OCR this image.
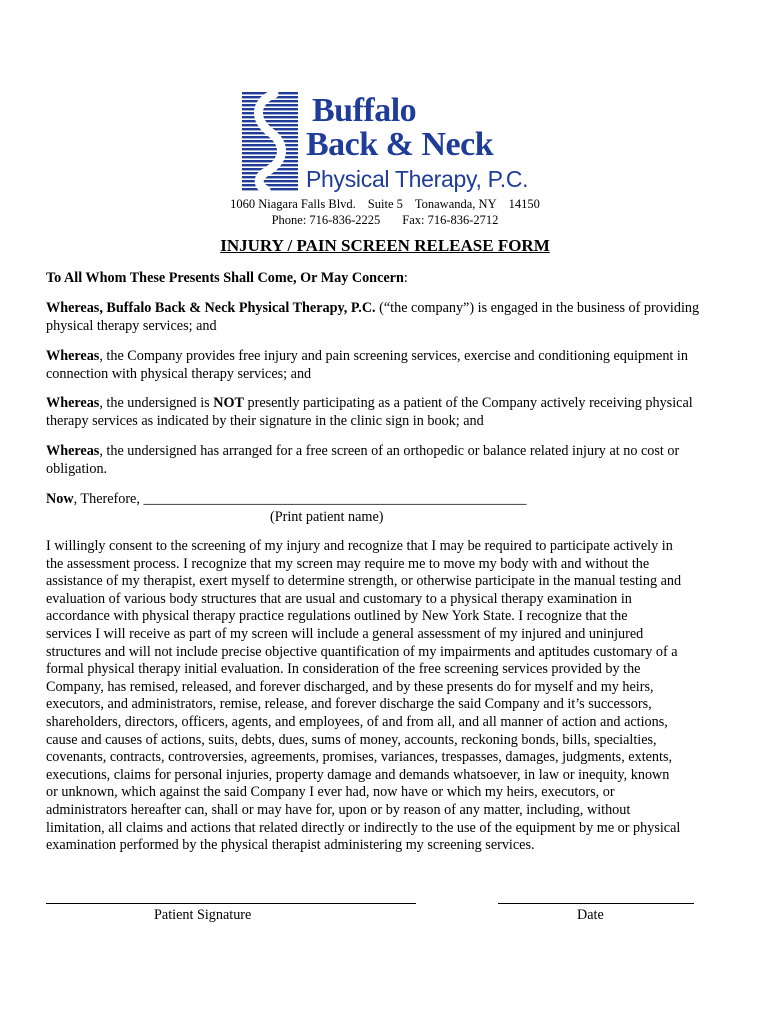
Buffalo
Back & Neck
Physical Therapy, P.C.
1060 Niagara Falls Blvd. Suite 5 Tonawanda, NY 14150
Phone: 716-836-2225 Fax: 716-836-2712
INJURY / PAIN SCREEN RELEASE FORM
To All Whom These Presents Shall Come, Or May Concern:
Whereas, Buffalo Back & Neck Physical Therapy, P.C. (“the company”) is engaged in the business of providing physical therapy services; and
Whereas, the Company provides free injury and pain screening services, exercise and conditioning equipment in connection with physical therapy services; and
Whereas, the undersigned is NOT presently participating as a patient of the Company actively receiving physical therapy services as indicated by their signature in the clinic sign in book; and
Whereas, the undersigned has arranged for a free screen of an orthopedic or balance related injury at no cost or obligation.
Now, Therefore, ______________________________________________________
(Print patient name)
I willingly consent to the screening of my injury and recognize that I may be required to participate actively in
the assessment process. I recognize that my screen may require me to move my body with and without the
assistance of my therapist, exert myself to determine strength, or otherwise participate in the manual testing and
evaluation of various body structures that are usual and customary to a physical therapy examination in
accordance with physical therapy practice regulations outlined by New York State. I recognize that the
services I will receive as part of my screen will include a general assessment of my injured and uninjured
structures and will not include precise objective quantification of my impairments and aptitudes customary of a
formal physical therapy initial evaluation. In consideration of the free screening services provided by the
Company, has remised, released, and forever discharged, and by these presents do for myself and my heirs,
executors, and administrators, remise, release, and forever discharge the said Company and it’s successors,
shareholders, directors, officers, agents, and employees, of and from all, and all manner of action and actions,
cause and causes of actions, suits, debts, dues, sums of money, accounts, reckoning bonds, bills, specialties,
covenants, contracts, controversies, agreements, promises, variances, trespasses, damages, judgments, extents,
executions, claims for personal injuries, property damage and demands whatsoever, in law or inequity, known
or unknown, which against the said Company I ever had, now have or which my heirs, executors, or
administrators hereafter can, shall or may have for, upon or by reason of any matter, including, without
limitation, all claims and actions that related directly or indirectly to the use of the equipment by me or physical
examination performed by the physical therapist administering my screening services.
Patient Signature	Date
